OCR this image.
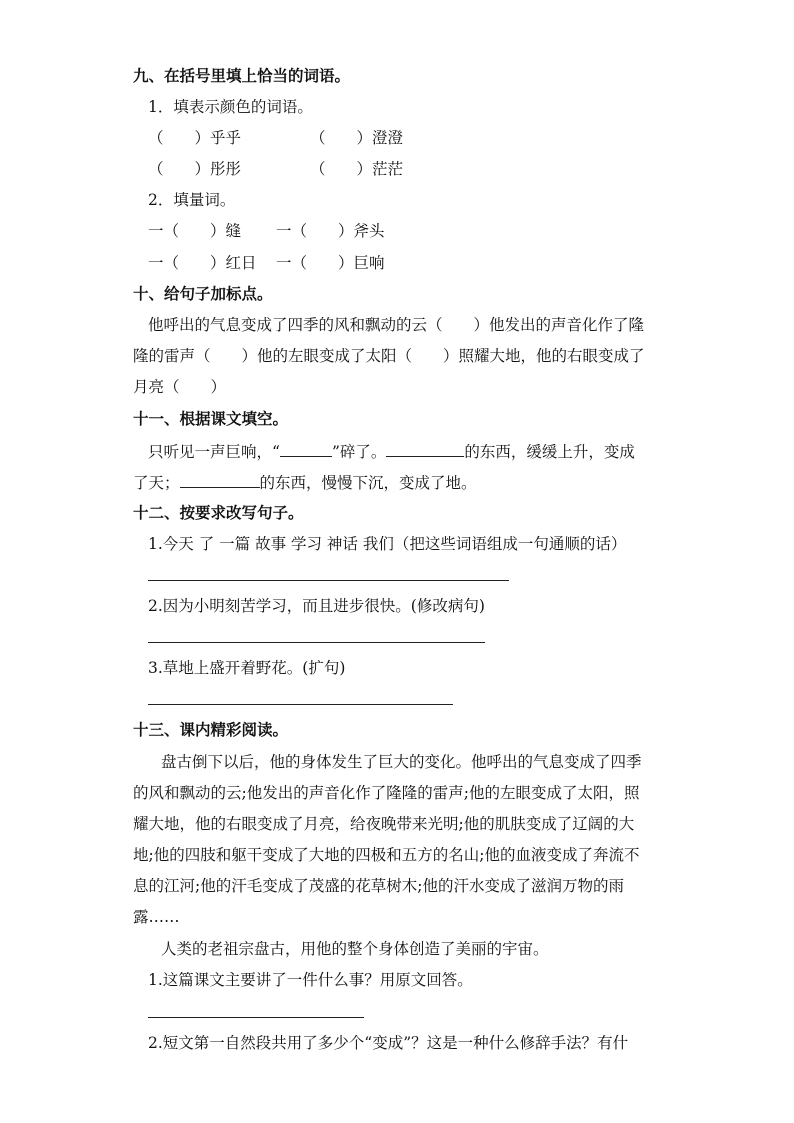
九、在括号里填上恰当的词语。
1．填表示颜色的词语。
（　　）乎乎	（　　）澄澄
（　　）彤彤	（　　）茫茫
2．填量词。
一（　　）缝	一（　　）斧头
一（　　）红日	一（　　）巨响
十、给句子加标点。
他呼出的气息变成了四季的风和飘动的云（　　）他发出的声音化作了隆
隆的雷声（　　）他的左眼变成了太阳（　　）照耀大地，他的右眼变成了
月亮（　　）
十一、根据课文填空。
只听见一声巨响，“	”碎了。	的东西，缓缓上升，变成
了天；	的东西，慢慢下沉，变成了地。
十二、按要求改写句子。
1.今天 了 一篇 故事 学习 神话 我们（把这些词语组成一句通顺的话）
2.因为小明刻苦学习，而且进步很快。(修改病句)
3.草地上盛开着野花。(扩句)
十三、课内精彩阅读。
盘古倒下以后，他的身体发生了巨大的变化。他呼出的气息变成了四季
的风和飘动的云;他发出的声音化作了隆隆的雷声;他的左眼变成了太阳，照
耀大地，他的右眼变成了月亮，给夜晚带来光明;他的肌肤变成了辽阔的大
地;他的四肢和躯干变成了大地的四极和五方的名山;他的血液变成了奔流不
息的江河;他的汗毛变成了茂盛的花草树木;他的汗水变成了滋润万物的雨
露……
人类的老祖宗盘古，用他的整个身体创造了美丽的宇宙。
1.这篇课文主要讲了一件什么事？用原文回答。
2.短文第一自然段共用了多少个“变成”？这是一种什么修辞手法？有什
